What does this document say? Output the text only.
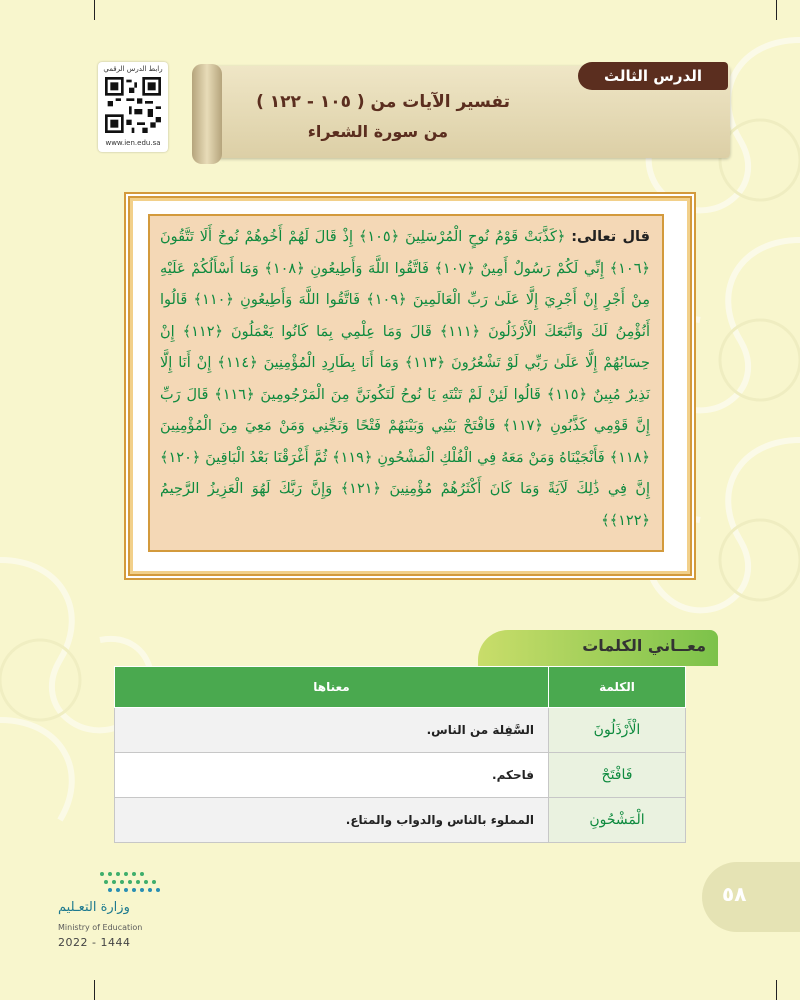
رابط الدرس الرقمي
www.ien.edu.sa
تفسير الآيات من ( ١٠٥ - ١٢٢ )
من سورة الشعراء
الدرس الثالث
قال تعالى: ﴿كَذَّبَتْ قَوْمُ نُوحٍ الْمُرْسَلِينَ ﴿١٠٥﴾ إِذْ قَالَ لَهُمْ أَخُوهُمْ نُوحٌ أَلَا تَتَّقُونَ ﴿١٠٦﴾ إِنِّي لَكُمْ رَسُولٌ أَمِينٌ ﴿١٠٧﴾ فَاتَّقُوا اللَّهَ وَأَطِيعُونِ ﴿١٠٨﴾ وَمَا أَسْأَلُكُمْ عَلَيْهِ مِنْ أَجْرٍ إِنْ أَجْرِيَ إِلَّا عَلَىٰ رَبِّ الْعَالَمِينَ ﴿١٠٩﴾ فَاتَّقُوا اللَّهَ وَأَطِيعُونِ ﴿١١٠﴾ قَالُوا أَنُؤْمِنُ لَكَ وَاتَّبَعَكَ الْأَرْذَلُونَ ﴿١١١﴾ قَالَ وَمَا عِلْمِي بِمَا كَانُوا يَعْمَلُونَ ﴿١١٢﴾ إِنْ حِسَابُهُمْ إِلَّا عَلَىٰ رَبِّي لَوْ تَشْعُرُونَ ﴿١١٣﴾ وَمَا أَنَا بِطَارِدِ الْمُؤْمِنِينَ ﴿١١٤﴾ إِنْ أَنَا إِلَّا نَذِيرٌ مُبِينٌ ﴿١١٥﴾ قَالُوا لَئِنْ لَمْ تَنْتَهِ يَا نُوحُ لَتَكُونَنَّ مِنَ الْمَرْجُومِينَ ﴿١١٦﴾ قَالَ رَبِّ إِنَّ قَوْمِي كَذَّبُونِ ﴿١١٧﴾ فَافْتَحْ بَيْنِي وَبَيْنَهُمْ فَتْحًا وَنَجِّنِي وَمَنْ مَعِيَ مِنَ الْمُؤْمِنِينَ ﴿١١٨﴾ فَأَنْجَيْنَاهُ وَمَنْ مَعَهُ فِي الْفُلْكِ الْمَشْحُونِ ﴿١١٩﴾ ثُمَّ أَغْرَقْنَا بَعْدُ الْبَاقِينَ ﴿١٢٠﴾ إِنَّ فِي ذَٰلِكَ لَآيَةً وَمَا كَانَ أَكْثَرُهُمْ مُؤْمِنِينَ ﴿١٢١﴾ وَإِنَّ رَبَّكَ لَهُوَ الْعَزِيزُ الرَّحِيمُ ﴿١٢٢﴾﴾
معــاني الكلمات
الكلمة	معناها
الْأَرْذَلُونَ	السَّفِلة من الناس.
فَافْتَحْ	فاحكم.
الْمَشْحُونِ	المملوء بالناس والدواب والمتاع.
وزارة التعـليم
Ministry of Education
2022 - 1444
٥٨
